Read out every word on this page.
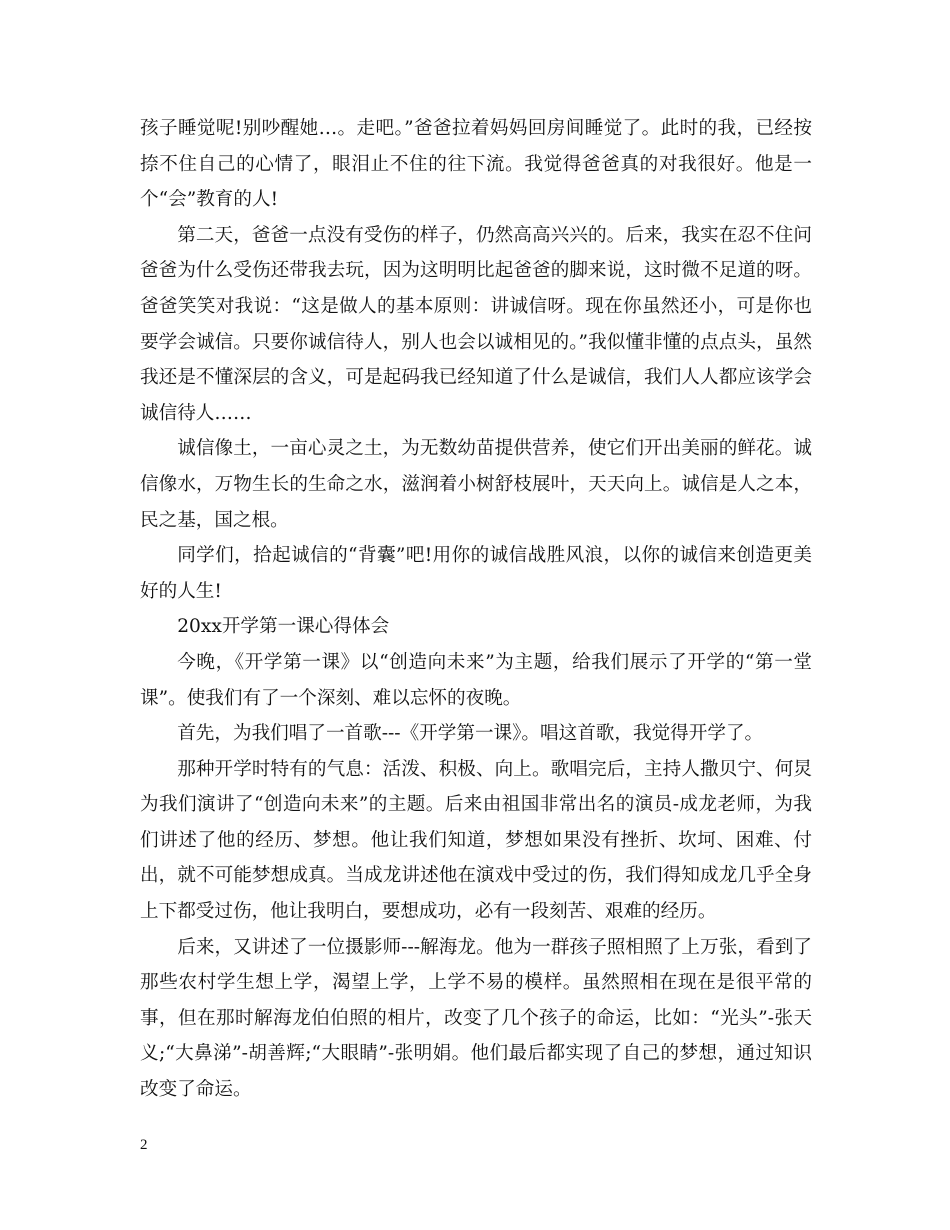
孩子睡觉呢!别吵醒她…。走吧。”爸爸拉着妈妈回房间睡觉了。此时的我，已经按捺不住自己的心情了，眼泪止不住的往下流。我觉得爸爸真的对我很好。他是一个“会”教育的人!

第二天，爸爸一点没有受伤的样子，仍然高高兴兴的。后来，我实在忍不住问爸爸为什么受伤还带我去玩，因为这明明比起爸爸的脚来说，这时微不足道的呀。爸爸笑笑对我说：“这是做人的基本原则：讲诚信呀。现在你虽然还小，可是你也要学会诚信。只要你诚信待人，别人也会以诚相见的。”我似懂非懂的点点头，虽然我还是不懂深层的含义，可是起码我已经知道了什么是诚信，我们人人都应该学会诚信待人……

诚信像土，一亩心灵之土，为无数幼苗提供营养，使它们开出美丽的鲜花。诚信像水，万物生长的生命之水，滋润着小树舒枝展叶，天天向上。诚信是人之本，民之基，国之根。

同学们，拾起诚信的“背囊”吧!用你的诚信战胜风浪，以你的诚信来创造更美好的人生!

20xx开学第一课心得体会

今晚，《开学第一课》以“创造向未来”为主题，给我们展示了开学的“第一堂课”。使我们有了一个深刻、难以忘怀的夜晚。

首先，为我们唱了一首歌---《开学第一课》。唱这首歌，我觉得开学了。

那种开学时特有的气息：活泼、积极、向上。歌唱完后，主持人撒贝宁、何炅为我们演讲了“创造向未来”的主题。后来由祖国非常出名的演员-成龙老师，为我们讲述了他的经历、梦想。他让我们知道，梦想如果没有挫折、坎坷、困难、付出，就不可能梦想成真。当成龙讲述他在演戏中受过的伤，我们得知成龙几乎全身上下都受过伤，他让我明白，要想成功，必有一段刻苦、艰难的经历。

后来，又讲述了一位摄影师---解海龙。他为一群孩子照相照了上万张，看到了那些农村学生想上学，渴望上学，上学不易的模样。虽然照相在现在是很平常的事，但在那时解海龙伯伯照的相片，改变了几个孩子的命运，比如：“光头”-张天义;“大鼻涕”-胡善辉;“大眼睛”-张明娟。他们最后都实现了自己的梦想，通过知识改变了命运。

2
